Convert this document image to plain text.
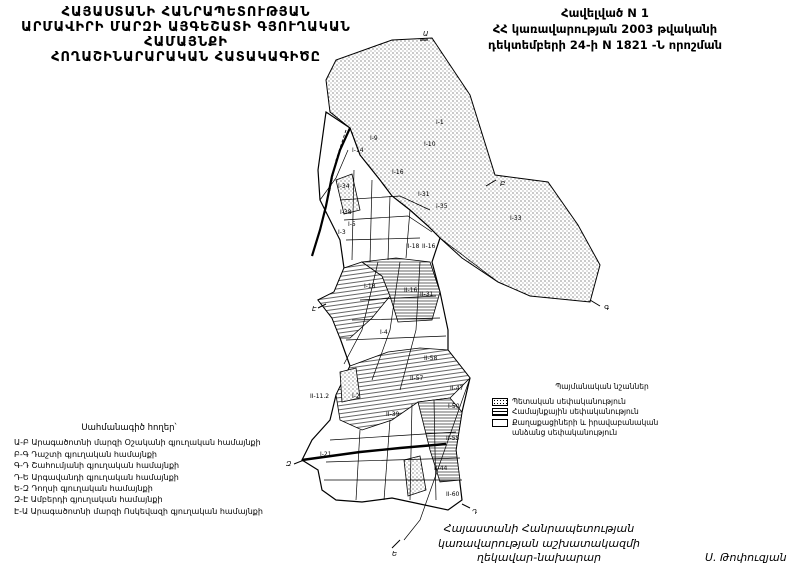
ՀԱՅԱՍՏԱՆԻ ՀԱՆՐԱՊԵՏՈՒԹՅԱՆ
ԱՐՄԱՎԻՐԻ ՄԱՐԶԻ ԱՅԳԵՇԱՏԻ ԳՅՈՒՂԱԿԱՆ ՀԱՄԱՅՆՔԻ
ՀՈՂԱՇԻՆԱՐԱՐԱԿԱՆ ՀԱՏԱԿԱԳԻԾԸ
Հավելված N 1
ՀՀ կառավարության 2003 թվականի
դեկտեմբերի 24-ի N 1821 -Ն որոշման
Ա
Բ
Գ
Դ
Ե
Զ
Է
I-1
I-9
I-10
I-14
I-16
I-31
I-33
I-34
I-35
I-38
II-18 II-16
I-18
II-16
II-31
I-2
I-3
I-4
I-5
II-39
II-47
II-55
II-57
II-58
II-60
II-44
II-11.2
I-21
I-50
Սահմանագիծ հողեր՝
Ա-Բ Արագածոտնի մարզի Օշականի գյուղական համայնքի
Բ-Գ Դաշտի գյուղական համայնքի
Գ-Դ Շահումյանի գյուղական համայնքի
Դ-Ե Արգավանդի գյուղական համայնքի
Ե-Զ Դողսի գյուղական համայնքի
Զ-Է Ամբերդի գյուղական համայնքի
Է-Ա Արագածոտնի մարզի Ոսկեվազի գյուղական համայնքի
Պայմանական նշաններ
Պետական սեփականություն
Համայնքային սեփականություն
Քաղաքացիների և իրավաբանական
անձանց սեփականություն
Հայաստանի Հանրապետության
կառավարության աշխատակազմի
ղեկավար-նախարար	Ս. Թոփուզյան
